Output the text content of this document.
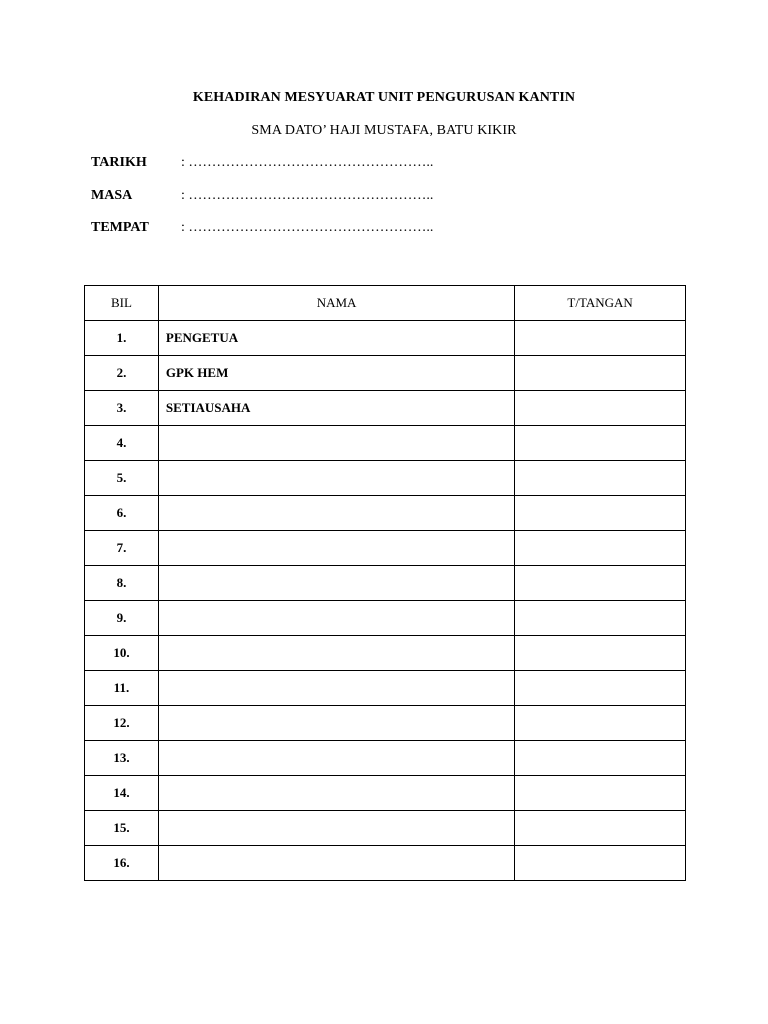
KEHADIRAN MESYUARAT UNIT PENGURUSAN KANTIN
SMA DATO’ HAJI MUSTAFA, BATU KIKIR
TARIKH	: ……………………………………………..
MASA	: ……………………………………………..
TEMPAT	: ……………………………………………..
BIL	NAMA	T/TANGAN
1.	PENGETUA	
2.	GPK HEM	
3.	SETIAUSAHA	
4.		
5.		
6.		
7.		
8.		
9.		
10.		
11.		
12.		
13.		
14.		
15.		
16.		
